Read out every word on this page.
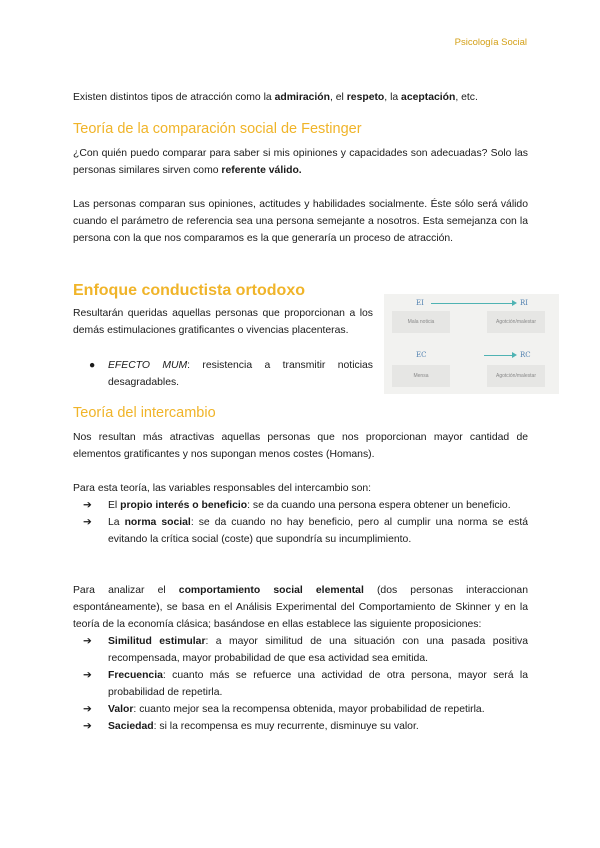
Psicología Social

Existen distintos tipos de atracción como la admiración, el respeto, la aceptación, etc.

Teoría de la comparación social de Festinger

¿Con quién puedo comparar para saber si mis opiniones y capacidades son adecuadas? Solo las personas similares sirven como referente válido.

Las personas comparan sus opiniones, actitudes y habilidades socialmente. Éste sólo será válido cuando el parámetro de referencia sea una persona semejante a nosotros. Esta semejanza con la persona con la que nos comparamos es la que generaría un proceso de atracción.

Enfoque conductista ortodoxo

Resultarán queridas aquellas personas que proporcionan a los demás estimulaciones gratificantes o vivencias placenteras.

●	EFECTO MUM: resistencia a transmitir noticias desagradables.
EI	RI
Mala noticia	Agotción/malestar
EC	RC
Mensa	Agotción/malestar
Teoría del intercambio

Nos resultan más atractivas aquellas personas que nos proporcionan mayor cantidad de elementos gratificantes y nos supongan menos costes (Homans).

Para esta teoría, las variables responsables del intercambio son:

➔ El propio interés o beneficio: se da cuando una persona espera obtener un beneficio.
➔ La norma social: se da cuando no hay beneficio, pero al cumplir una norma se está evitando la crítica social (coste) que supondría su incumplimiento.

Para analizar el comportamiento social elemental (dos personas interaccionan espontáneamente), se basa en el Análisis Experimental del Comportamiento de Skinner y en la teoría de la economía clásica; basándose en ellas establece las siguiente proposiciones:

➔ Similitud estimular: a mayor similitud de una situación con una pasada positiva recompensada, mayor probabilidad de que esa actividad sea emitida.
➔ Frecuencia: cuanto más se refuerce una actividad de otra persona, mayor será la probabilidad de repetirla.
➔ Valor: cuanto mejor sea la recompensa obtenida, mayor probabilidad de repetirla.
➔ Saciedad: si la recompensa es muy recurrente, disminuye su valor.
